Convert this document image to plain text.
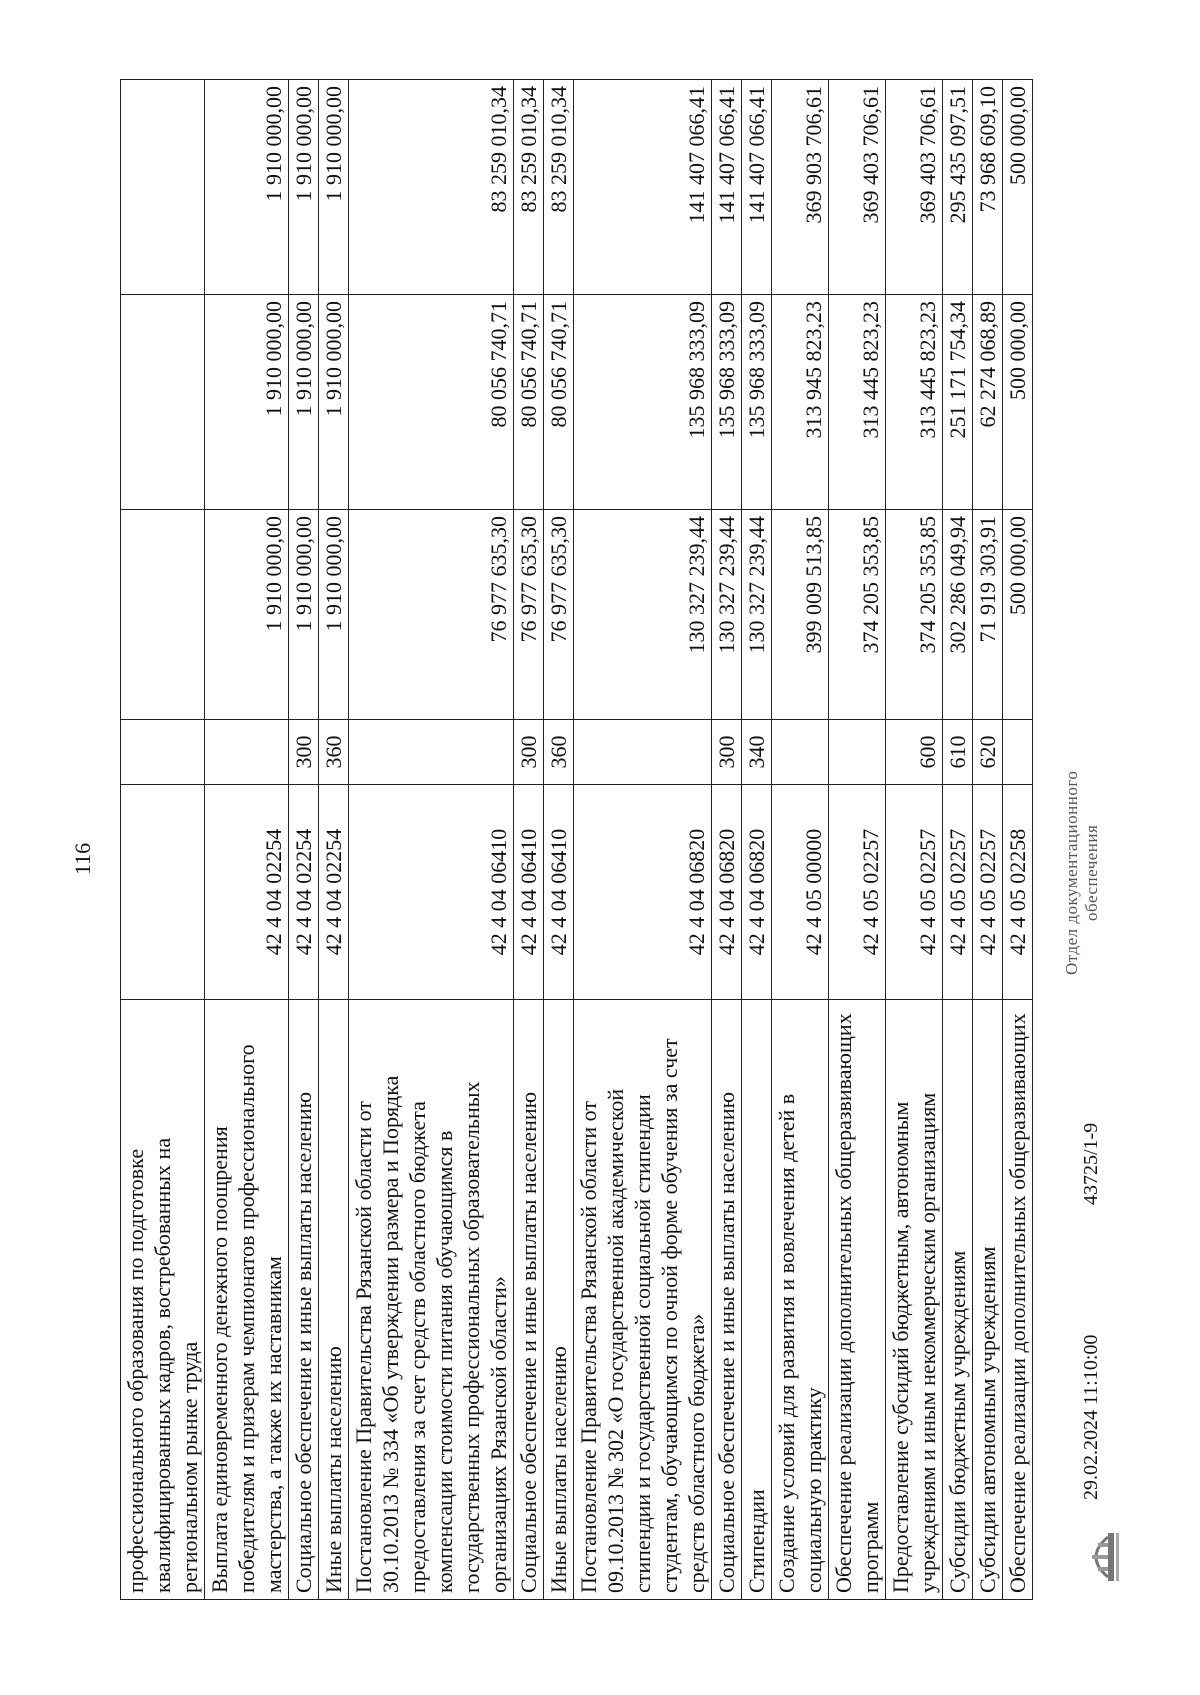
116
профессионального образования по подготовке квалифицированных кадров, востребованных на региональном рынке труда					
Выплата единовременного денежного поощрения победителям и призерам чемпионатов профессионального мастерства, а также их наставникам	42 4 04 02254		1 910 000,00	1 910 000,00	1 910 000,00
Социальное обеспечение и иные выплаты населению	42 4 04 02254	300	1 910 000,00	1 910 000,00	1 910 000,00
Иные выплаты населению	42 4 04 02254	360	1 910 000,00	1 910 000,00	1 910 000,00
Постановление Правительства Рязанской области от 30.10.2013 № 334 «Об утверждении размера и Порядка предоставления за счет средств областного бюджета компенсации стоимости питания обучающимся в государственных профессиональных образовательных организациях Рязанской области»	42 4 04 06410		76 977 635,30	80 056 740,71	83 259 010,34
Социальное обеспечение и иные выплаты населению	42 4 04 06410	300	76 977 635,30	80 056 740,71	83 259 010,34
Иные выплаты населению	42 4 04 06410	360	76 977 635,30	80 056 740,71	83 259 010,34
Постановление Правительства Рязанской области от 09.10.2013 № 302 «О государственной академической стипендии и государственной социальной стипендии студентам, обучающимся по очной форме обучения за счет средств областного бюджета»	42 4 04 06820		130 327 239,44	135 968 333,09	141 407 066,41
Социальное обеспечение и иные выплаты населению	42 4 04 06820	300	130 327 239,44	135 968 333,09	141 407 066,41
Стипендии	42 4 04 06820	340	130 327 239,44	135 968 333,09	141 407 066,41
Создание условий для развития и вовлечения детей в социальную практику	42 4 05 00000		399 009 513,85	313 945 823,23	369 903 706,61
Обеспечение реализации дополнительных общеразвивающих программ	42 4 05 02257		374 205 353,85	313 445 823,23	369 403 706,61
Предоставление субсидий бюджетным, автономным учреждениям и иным некоммерческим организациям	42 4 05 02257	600	374 205 353,85	313 445 823,23	369 403 706,61
Субсидии бюджетным учреждениям	42 4 05 02257	610	302 286 049,94	251 171 754,34	295 435 097,51
Субсидии автономным учреждениям	42 4 05 02257	620	71 919 303,91	62 274 068,89	73 968 609,10
Обеспечение реализации дополнительных общеразвивающих	42 4 05 02258		500 000,00	500 000,00	500 000,00
29.02.2024 11:10:00
43725/1-9
Отдел документационного обеспечения
